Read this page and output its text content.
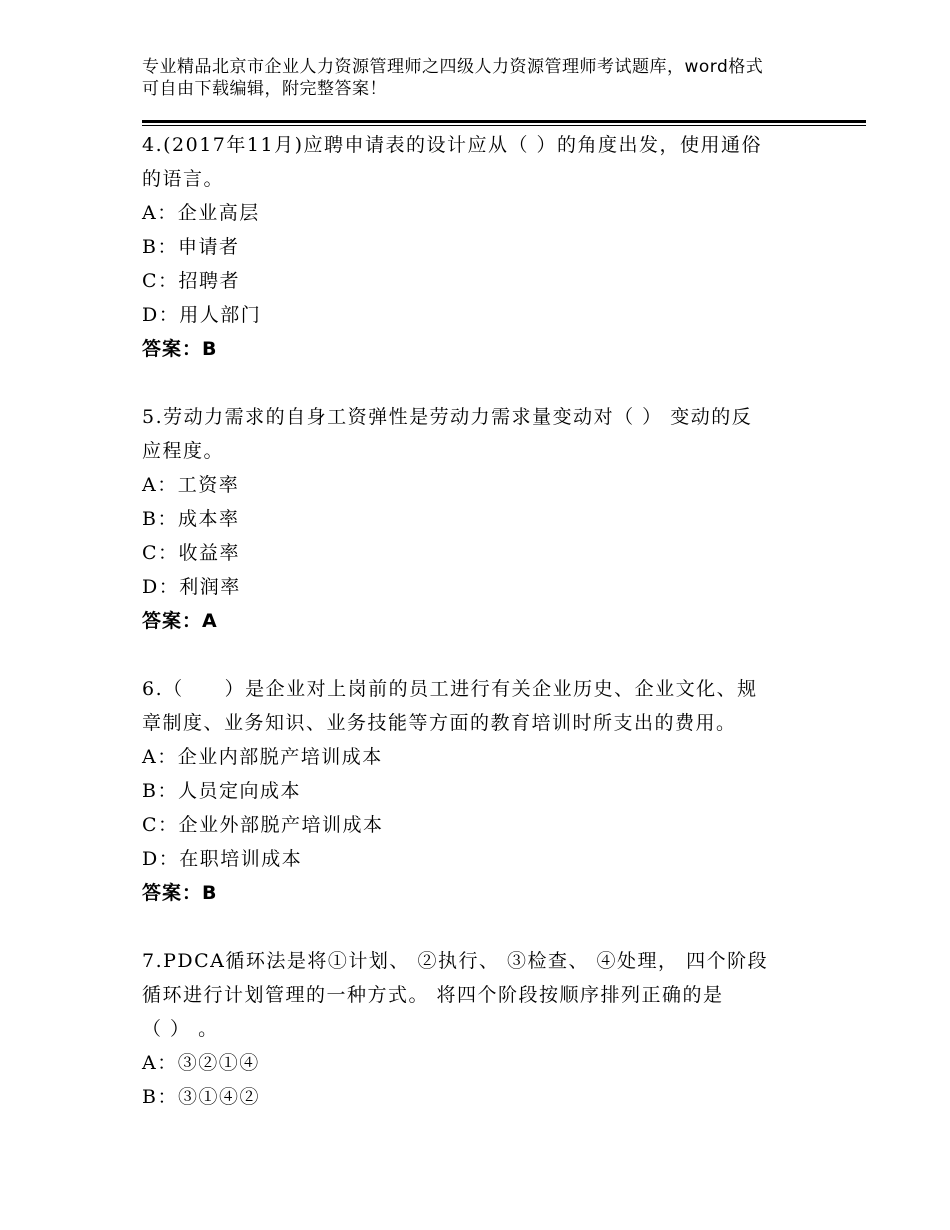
专业精品北京市企业人力资源管理师之四级人力资源管理师考试题库，word格式
可自由下载编辑，附完整答案！

4.(2017年11月)应聘申请表的设计应从（ ）的角度出发，使用通俗

的语言。

A：企业高层

B：申请者

C：招聘者

D：用人部门

答案：B

5.劳动力需求的自身工资弹性是劳动力需求量变动对（ ） 变动的反

应程度。

A：工资率

B：成本率

C：收益率

D：利润率

答案：A

6.（　　）是企业对上岗前的员工进行有关企业历史、企业文化、规

章制度、业务知识、业务技能等方面的教育培训时所支出的费用。

A：企业内部脱产培训成本

B：人员定向成本

C：企业外部脱产培训成本

D：在职培训成本

答案：B

7.PDCA循环法是将①计划、 ②执行、 ③检查、 ④处理， 四个阶段

循环进行计划管理的一种方式。 将四个阶段按顺序排列正确的是

（ ） 。

A：③②①④

B：③①④②
